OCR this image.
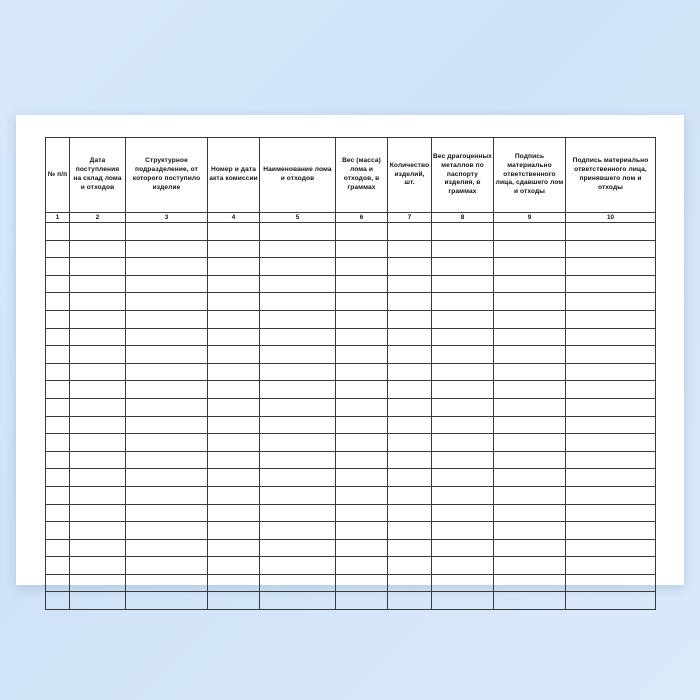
№ п/п	Дата поступления на склад лома и отходов	Структурное подразделение, от которого поступило изделие	Номер и дата акта комиссии	Наименование лома и отходов	Вес (масса) лома и отходов, в граммах	Количество изделий, шт.	Вес драгоценных металлов по паспорту изделия, в граммах	Подпись материально ответственного лица, сдавшего лом и отходы	Подпись материально ответственного лица, принявшего лом и отходы
1	2	3	4	5	6	7	8	9	10
